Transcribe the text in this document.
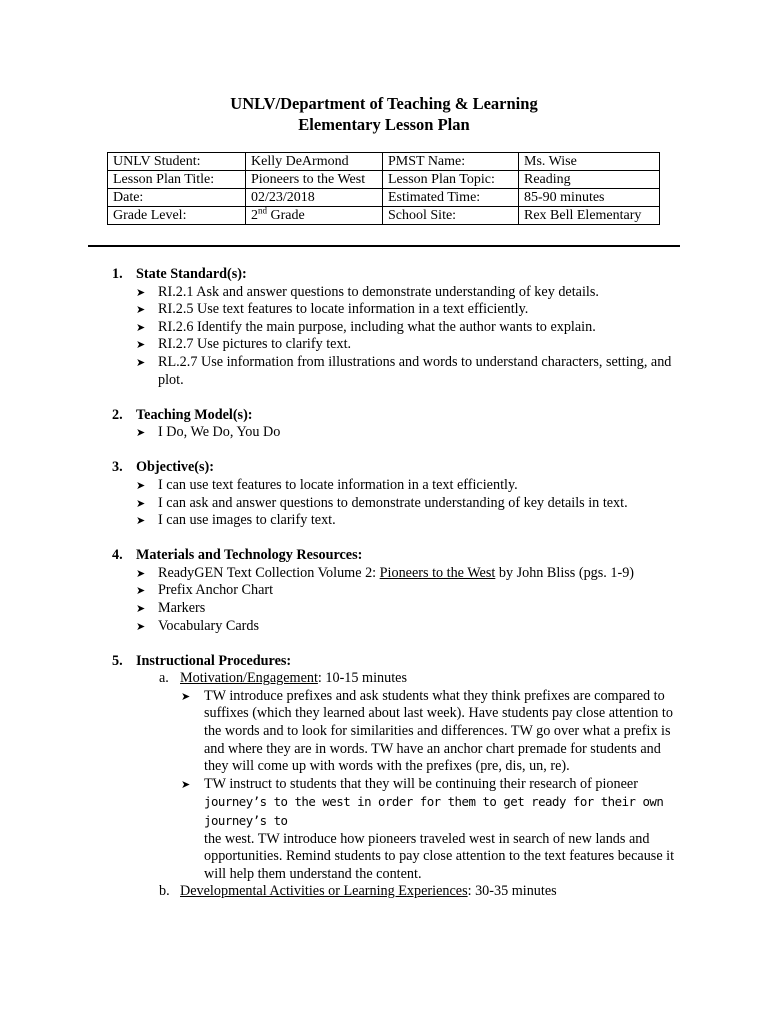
UNLV/Department of Teaching & Learning
Elementary Lesson Plan
UNLV Student:	Kelly DeArmond	PMST Name:	Ms. Wise
Lesson Plan Title:	Pioneers to the West	Lesson Plan Topic:	Reading
Date:	02/23/2018	Estimated Time:	85-90 minutes
Grade Level:	2nd Grade	School Site:	Rex Bell Elementary
1. State Standard(s):
➤ RI.2.1 Ask and answer questions to demonstrate understanding of key details.
➤ RI.2.5 Use text features to locate information in a text efficiently.
➤ RI.2.6 Identify the main purpose, including what the author wants to explain.
➤ RI.2.7 Use pictures to clarify text.
➤ RL.2.7 Use information from illustrations and words to understand characters, setting, and plot.
2. Teaching Model(s):
➤ I Do, We Do, You Do
3. Objective(s):
➤ I can use text features to locate information in a text efficiently.
➤ I can ask and answer questions to demonstrate understanding of key details in text.
➤ I can use images to clarify text.
4. Materials and Technology Resources:
➤ ReadyGEN Text Collection Volume 2: Pioneers to the West by John Bliss (pgs. 1-9)
➤ Prefix Anchor Chart
➤ Markers
➤ Vocabulary Cards
5. Instructional Procedures:
a. Motivation/Engagement: 10-15 minutes
➤ TW introduce prefixes and ask students what they think prefixes are compared to suffixes (which they learned about last week). Have students pay close attention to the words and to look for similarities and differences. TW go over what a prefix is and where they are in words. TW have an anchor chart premade for students and they will come up with words with the prefixes (pre, dis, un, re).
➤ TW instruct to students that they will be continuing their research of pioneer
journey’s to the west in order for them to get ready for their own journey’s to
the west. TW introduce how pioneers traveled west in search of new lands and opportunities. Remind students to pay close attention to the text features because it will help them understand the content.
b. Developmental Activities or Learning Experiences: 30-35 minutes
